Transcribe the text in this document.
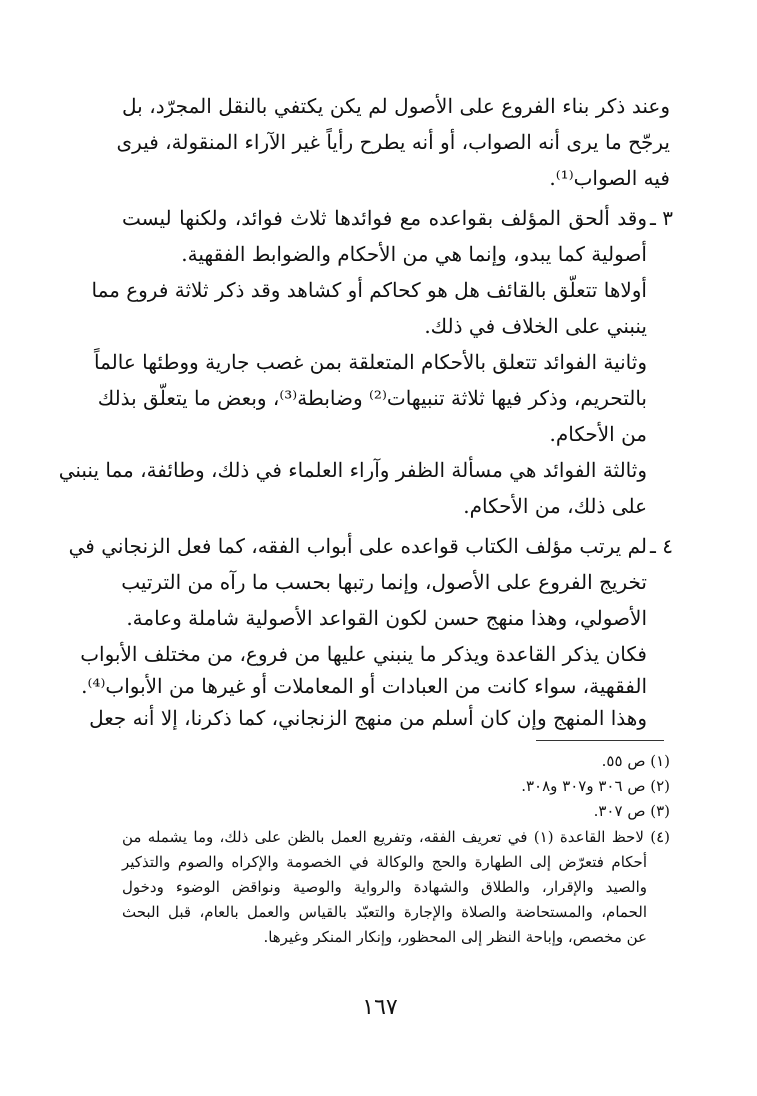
وعند ذكر بناء الفروع على الأصول لم يكن يكتفي بالنقل المجرّد، بل
يرجّح ما يرى أنه الصواب، أو أنه يطرح رأياً غير الآراء المنقولة، فيرى
فيه الصواب⁽¹⁾.
٣ ـ
وقد ألحق المؤلف بقواعده مع فوائدها ثلاث فوائد، ولكنها ليست
أصولية كما يبدو، وإنما هي من الأحكام والضوابط الفقهية.
أولاها تتعلّق بالقائف هل هو كحاكم أو كشاهد وقد ذكر ثلاثة فروع مما
ينبني على الخلاف في ذلك.
وثانية الفوائد تتعلق بالأحكام المتعلقة بمن غصب جارية ووطئها عالماً
بالتحريم، وذكر فيها ثلاثة تنبيهات⁽²⁾ وضابطة⁽³⁾، وبعض ما يتعلّق بذلك
من الأحكام.
وثالثة الفوائد هي مسألة الظفر وآراء العلماء في ذلك، وطائفة، مما ينبني
على ذلك، من الأحكام.
٤ ـ
لم يرتب مؤلف الكتاب قواعده على أبواب الفقه، كما فعل الزنجاني في
تخريج الفروع على الأصول، وإنما رتبها بحسب ما رآه من الترتيب
الأصولي، وهذا منهج حسن لكون القواعد الأصولية شاملة وعامة.
فكان يذكر القاعدة ويذكر ما ينبني عليها من فروع، من مختلف الأبواب
الفقهية، سواء كانت من العبادات أو المعاملات أو غيرها من الأبواب⁽⁴⁾.
وهذا المنهج وإن كان أسلم من منهج الزنجاني، كما ذكرنا، إلا أنه جعل
(١) ص ٥٥.
(٢) ص ٣٠٦ و٣٠٧ و٣٠٨.
(٣) ص ٣٠٧.
(٤) لاحظ القاعدة (١) في تعريف الفقه، وتفريع العمل بالظن على ذلك، وما يشمله من
أحكام فتعرّض إلى الطهارة والحج والوكالة في الخصومة والإكراه والصوم والتذكير
والصيد والإقرار، والطلاق والشهادة والرواية والوصية ونواقض الوضوء ودخول
الحمام، والمستحاضة والصلاة والإجارة والتعبّد بالقياس والعمل بالعام، قبل البحث
عن مخصص، وإباحة النظر إلى المحظور، وإنكار المنكر وغيرها.
١٦٧
